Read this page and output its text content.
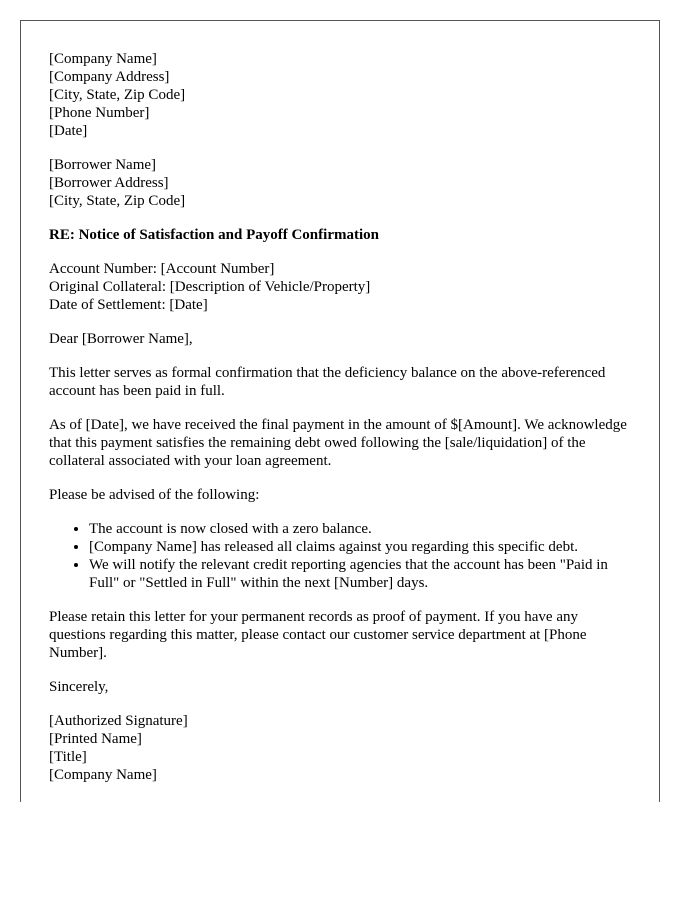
[Company Name]
[Company Address]
[City, State, Zip Code]
[Phone Number]
[Date]
[Borrower Name]
[Borrower Address]
[City, State, Zip Code]
RE: Notice of Satisfaction and Payoff Confirmation
Account Number: [Account Number]
Original Collateral: [Description of Vehicle/Property]
Date of Settlement: [Date]

Dear [Borrower Name],

This letter serves as formal confirmation that the deficiency balance on the above-referenced account has been paid in full.

As of [Date], we have received the final payment in the amount of $[Amount]. We acknowledge that this payment satisfies the remaining debt owed following the [sale/liquidation] of the collateral associated with your loan agreement.

Please be advised of the following:

• The account is now closed with a zero balance.
• [Company Name] has released all claims against you regarding this specific debt.
• We will notify the relevant credit reporting agencies that the account has been "Paid in Full" or "Settled in Full" within the next [Number] days.

Please retain this letter for your permanent records as proof of payment. If you have any questions regarding this matter, please contact our customer service department at [Phone Number].

Sincerely,

[Authorized Signature]
[Printed Name]
[Title]
[Company Name]
